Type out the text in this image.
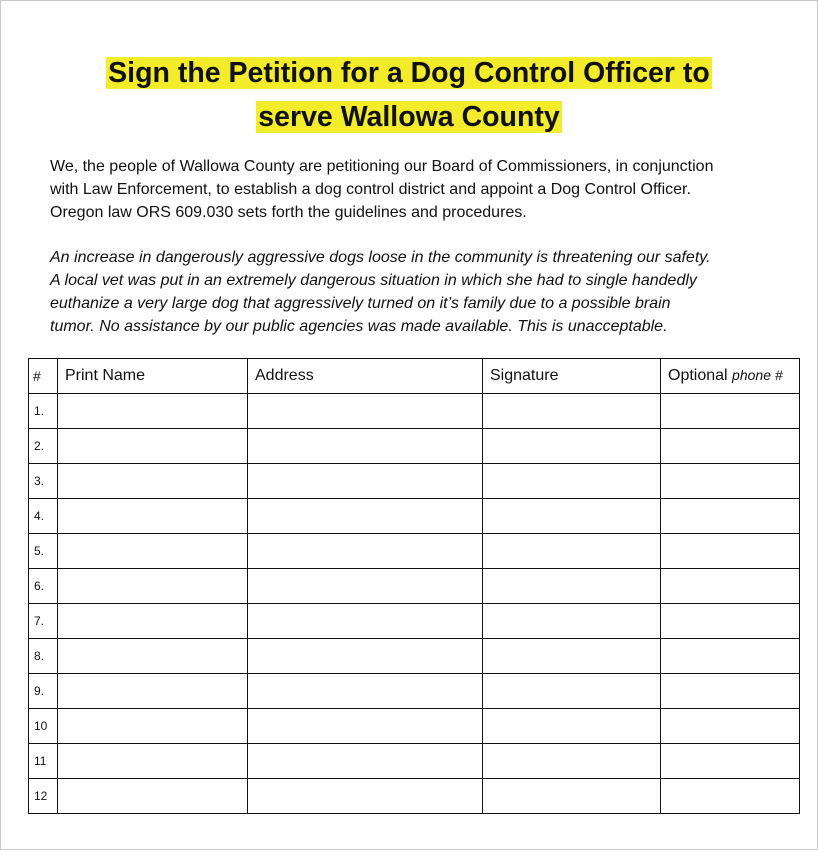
Sign the Petition for a Dog Control Officer to
serve Wallowa County
We, the people of Wallowa County are petitioning our Board of Commissioners, in conjunction
with Law Enforcement, to establish a dog control district and appoint a Dog Control Officer.
Oregon law ORS 609.030 sets forth the guidelines and procedures.
An increase in dangerously aggressive dogs loose in the community is threatening our safety.
A local vet was put in an extremely dangerous situation in which she had to single handedly
euthanize a very large dog that aggressively turned on it’s family due to a possible brain
tumor. No assistance by our public agencies was made available. This is unacceptable.
#	Print Name	Address	Signature	Optional phone #
1.				
2.				
3.				
4.				
5.				
6.				
7.				
8.				
9.				
10				
11				
12				
